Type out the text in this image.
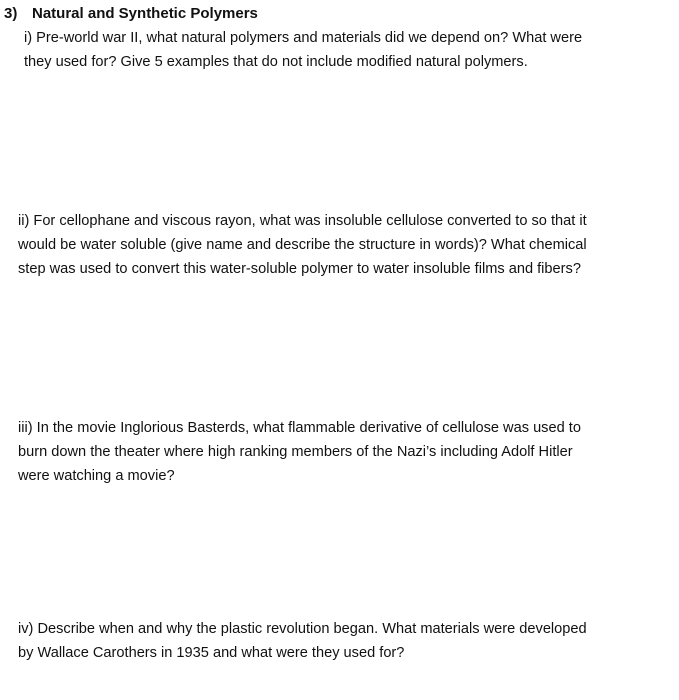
3) Natural and Synthetic Polymers
i) Pre-world war II, what natural polymers and materials did we depend on? What were
they used for? Give 5 examples that do not include modified natural polymers.
ii) For cellophane and viscous rayon, what was insoluble cellulose converted to so that it
would be water soluble (give name and describe the structure in words)? What chemical
step was used to convert this water-soluble polymer to water insoluble films and fibers?
iii) In the movie Inglorious Basterds, what flammable derivative of cellulose was used to
burn down the theater where high ranking members of the Nazi’s including Adolf Hitler
were watching a movie?
iv) Describe when and why the plastic revolution began. What materials were developed
by Wallace Carothers in 1935 and what were they used for?
